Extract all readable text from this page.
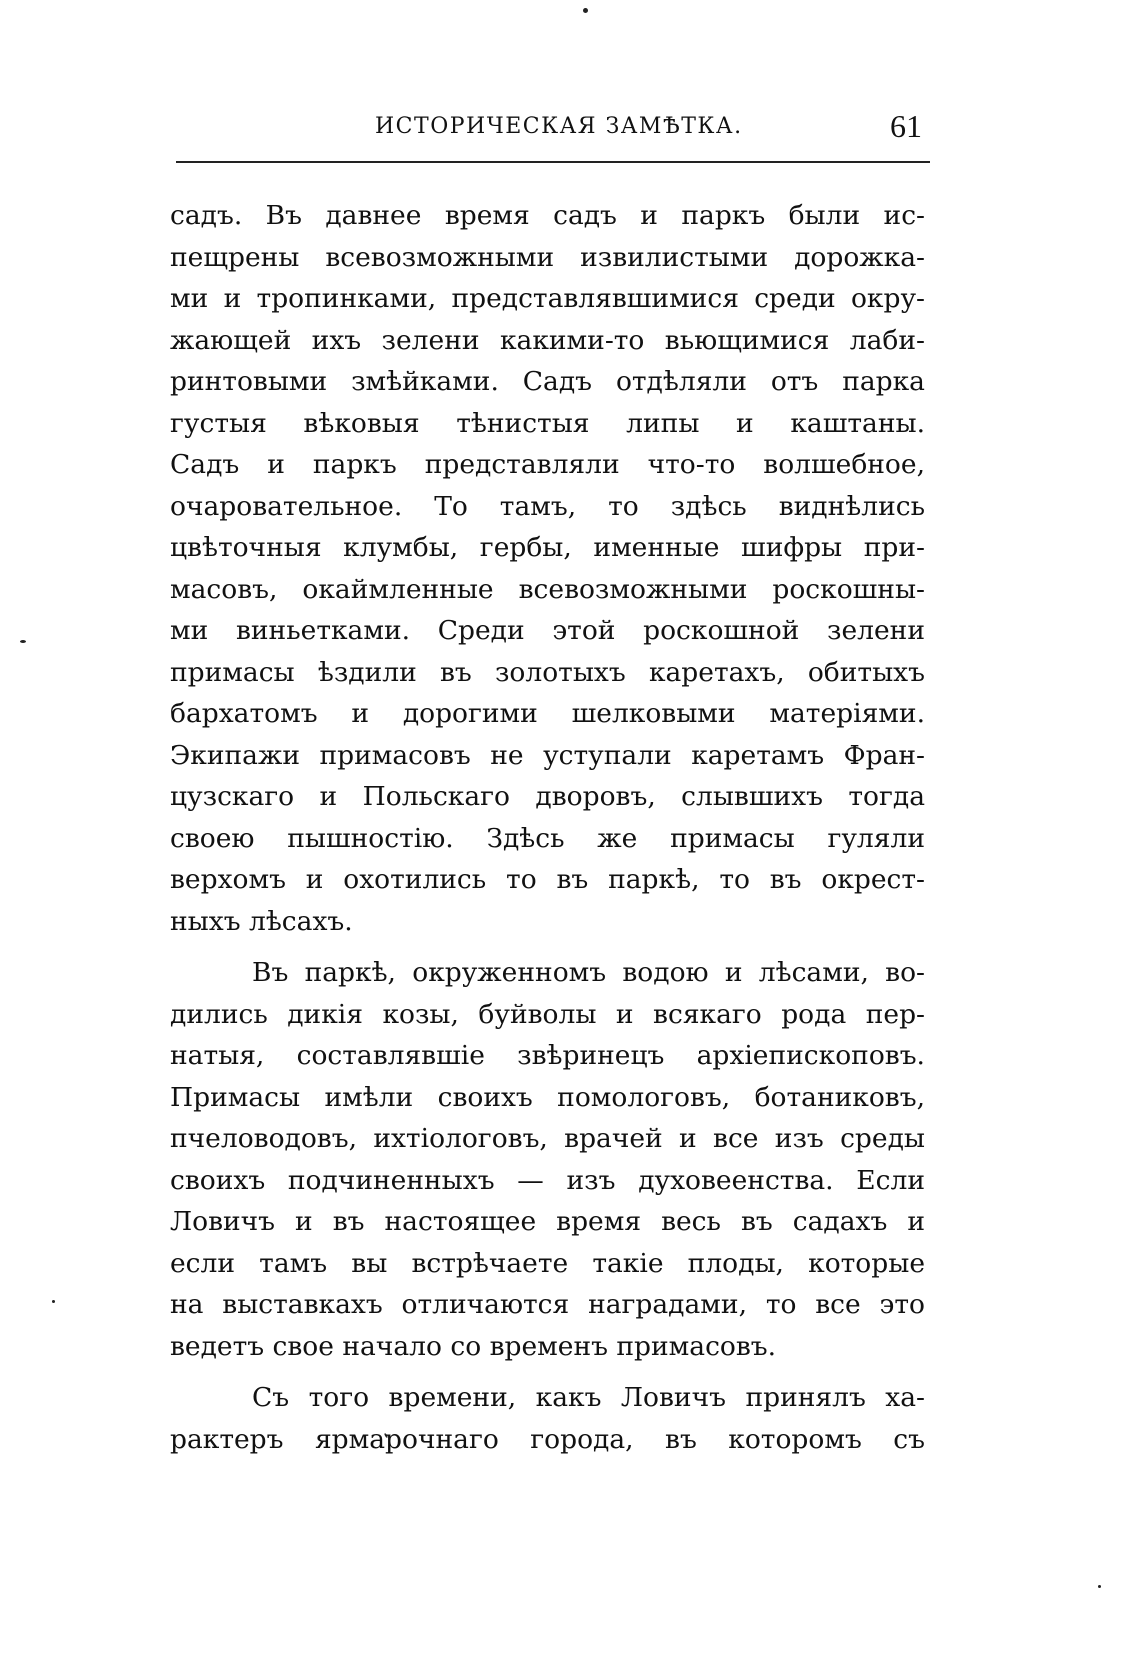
ИСТОРИЧЕСКАЯ ЗАМѢТКА.	61
садъ. Въ давнее время садъ и паркъ были ис-
пещрены всевозможными извилистыми дорожка-
ми и тропинками, представлявшимися среди окру-
жающей ихъ зелени какими-то вьющимися лаби-
ринтовыми змѣйками. Садъ отдѣляли отъ парка
густыя вѣковыя тѣнистыя липы и каштаны.
Садъ и паркъ представляли что-то волшебное,
очаровательное. То тамъ, то здѣсь виднѣлись
цвѣточныя клумбы, гербы, именные шифры при-
масовъ, окаймленные всевозможными роскошны-
ми виньетками. Среди этой роскошной зелени
примасы ѣздили въ золотыхъ каретахъ, обитыхъ
бархатомъ и дорогими шелковыми матеріями.
Экипажи примасовъ не уступали каретамъ Фран-
цузскаго и Польскаго дворовъ, слывшихъ тогда
своею пышностію. Здѣсь же примасы гуляли
верхомъ и охотились то въ паркѣ, то въ окрест-
ныхъ лѣсахъ.
Въ паркѣ, окруженномъ водою и лѣсами, во-
дились дикія козы, буйволы и всякаго рода пер-
натыя, составлявшіе звѣринецъ архіепископовъ.
Примасы имѣли своихъ помологовъ, ботаниковъ,
пчеловодовъ, ихтіологовъ, врачей и все изъ среды
своихъ подчиненныхъ — изъ духовеенства. Если
Ловичъ и въ настоящее время весь въ садахъ и
если тамъ вы встрѣчаете такіе плоды, которые
на выставкахъ отличаются наградами, то все это
ведетъ свое начало со временъ примасовъ.
Съ того времени, какъ Ловичъ принялъ ха-
рактеръ ярмарочнаго города, въ которомъ съ
